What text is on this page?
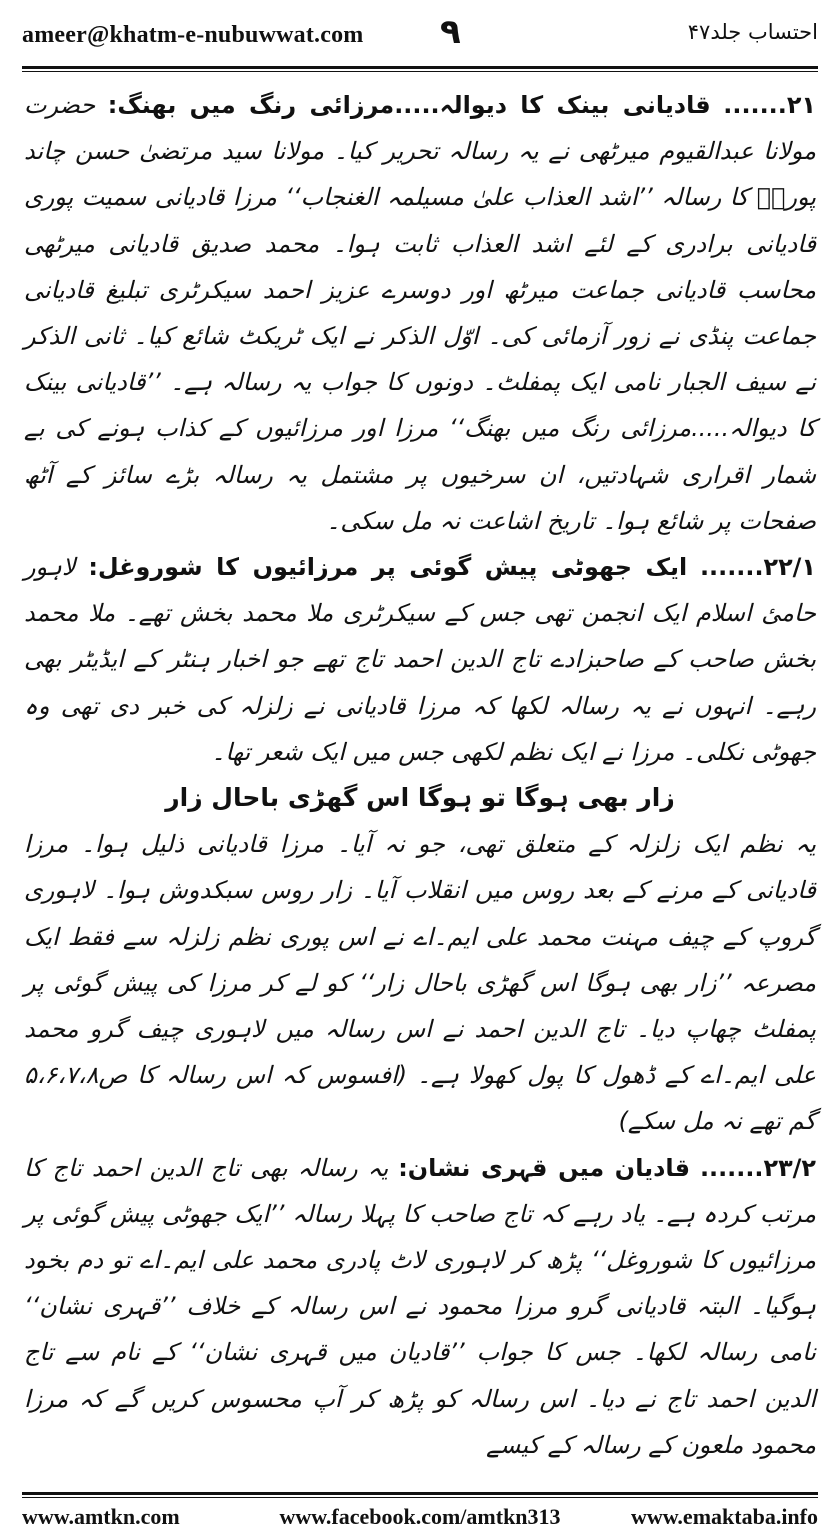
ameer@khatm-e-nubuwwat.com ۹	احتساب جلد۴۷

۲۱....... قادیانی بینک کا دیوالہ.....مرزائی رنگ میں بھنگ: حضرت مولانا عبدالقیوم میرٹھی نے یہ رسالہ تحریر کیا۔ مولانا سید مرتضیٰ حسن چاند پوریؒ کا رسالہ ’’اشد العذاب علیٰ مسیلمہ الغنجاب‘‘ مرزا قادیانی سمیت پوری قادیانی برادری کے لئے اشد العذاب ثابت ہوا۔ محمد صدیق قادیانی میرٹھی محاسب قادیانی جماعت میرٹھ اور دوسرے عزیز احمد سیکرٹری تبلیغ قادیانی جماعت پنڈی نے زور آزمائی کی۔ اوّل الذکر نے ایک ٹریکٹ شائع کیا۔ ثانی الذکر نے سیف الجبار نامی ایک پمفلٹ۔ دونوں کا جواب یہ رسالہ ہے۔ ’’قادیانی بینک کا دیوالہ.....مرزائی رنگ میں بھنگ‘‘ مرزا اور مرزائیوں کے کذاب ہونے کی بے شمار اقراری شہادتیں، ان سرخیوں پر مشتمل یہ رسالہ بڑے سائز کے آٹھ صفحات پر شائع ہوا۔ تاریخ اشاعت نہ مل سکی۔

۲۲/۱....... ایک جھوٹی پیش گوئی پر مرزائیوں کا شوروغل: لاہور حامیٔ اسلام ایک انجمن تھی جس کے سیکرٹری ملا محمد بخش تھے۔ ملا محمد بخش صاحب کے صاحبزادے تاج الدین احمد تاج تھے جو اخبار ہنٹر کے ایڈیٹر بھی رہے۔ انہوں نے یہ رسالہ لکھا کہ مرزا قادیانی نے زلزلہ کی خبر دی تھی وہ جھوٹی نکلی۔ مرزا نے ایک نظم لکھی جس میں ایک شعر تھا۔

زار بھی ہوگا تو ہوگا اس گھڑی باحال زار

یہ نظم ایک زلزلہ کے متعلق تھی، جو نہ آیا۔ مرزا قادیانی ذلیل ہوا۔ مرزا قادیانی کے مرنے کے بعد روس میں انقلاب آیا۔ زار روس سبکدوش ہوا۔ لاہوری گروپ کے چیف مہنت محمد علی ایم۔اے نے اس پوری نظم زلزلہ سے فقط ایک مصرعہ ’’زار بھی ہوگا اس گھڑی باحال زار‘‘ کو لے کر مرزا کی پیش گوئی پر پمفلٹ چھاپ دیا۔ تاج الدین احمد نے اس رسالہ میں لاہوری چیف گرو محمد علی ایم۔اے کے ڈھول کا پول کھولا ہے۔ (افسوس کہ اس رسالہ کا ص۵،۶،۷،۸ گم تھے نہ مل سکے)

۲۳/۲....... قادیان میں قہری نشان: یہ رسالہ بھی تاج الدین احمد تاج کا مرتب کردہ ہے۔ یاد رہے کہ تاج صاحب کا پہلا رسالہ ’’ایک جھوٹی پیش گوئی پر مرزائیوں کا شوروغل‘‘ پڑھ کر لاہوری لاٹ پادری محمد علی ایم۔اے تو دم بخود ہوگیا۔ البتہ قادیانی گرو مرزا محمود نے اس رسالہ کے خلاف ’’قہری نشان‘‘ نامی رسالہ لکھا۔ جس کا جواب ’’قادیان میں قہری نشان‘‘ کے نام سے تاج الدین احمد تاج نے دیا۔ اس رسالہ کو پڑھ کر آپ محسوس کریں گے کہ مرزا محمود ملعون کے رسالہ کے کیسے

www.amtkn.com	www.facebook.com/amtkn313	www.emaktaba.info
